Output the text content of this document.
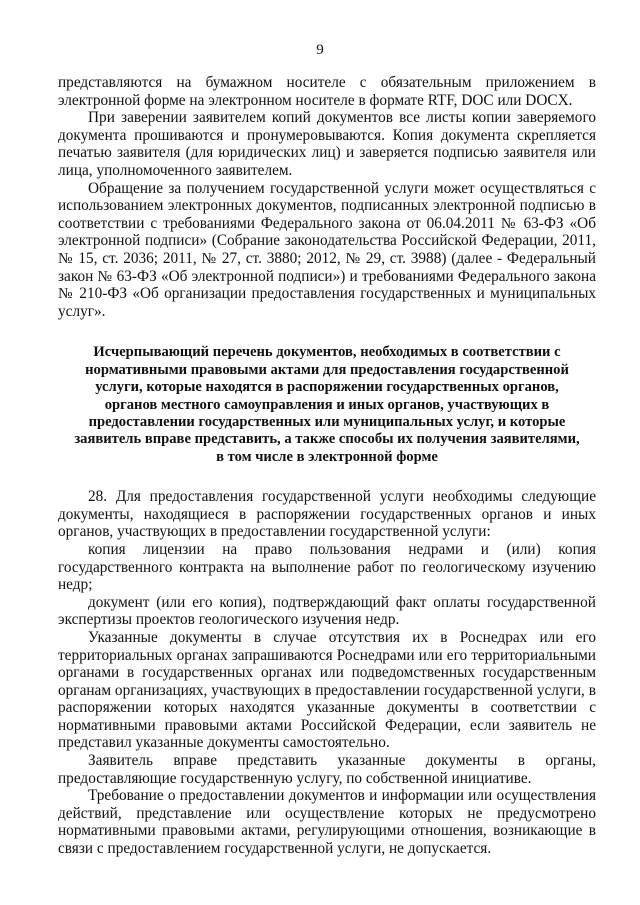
9

представляются на бумажном носителе с обязательным приложением в электронной форме на электронном носителе в формате RTF, DOC или DOCX.

При заверении заявителем копий документов все листы копии заверяемого документа прошиваются и пронумеровываются. Копия документа скрепляется печатью заявителя (для юридических лиц) и заверяется подписью заявителя или лица, уполномоченного заявителем.

Обращение за получением государственной услуги может осуществляться с использованием электронных документов, подписанных электронной подписью в соответствии с требованиями Федерального закона от 06.04.2011 № 63-ФЗ «Об электронной подписи» (Собрание законодательства Российской Федерации, 2011, № 15, ст. 2036; 2011, № 27, ст. 3880; 2012, № 29, ст. 3988) (далее - Федеральный закон № 63-ФЗ «Об электронной подписи») и требованиями Федерального закона № 210-ФЗ «Об организации предоставления государственных и муниципальных услуг».

Исчерпывающий перечень документов, необходимых в соответствии с
нормативными правовыми актами для предоставления государственной
услуги, которые находятся в распоряжении государственных органов,
органов местного самоуправления и иных органов, участвующих в
предоставлении государственных или муниципальных услуг, и которые
заявитель вправе представить, а также способы их получения заявителями,
в том числе в электронной форме

28. Для предоставления государственной услуги необходимы следующие документы, находящиеся в распоряжении государственных органов и иных органов, участвующих в предоставлении государственной услуги:

копия лицензии на право пользования недрами и (или) копия государственного контракта на выполнение работ по геологическому изучению недр;

документ (или его копия), подтверждающий факт оплаты государственной экспертизы проектов геологического изучения недр.

Указанные документы в случае отсутствия их в Роснедрах или его территориальных органах запрашиваются Роснедрами или его территориальными органами в государственных органах или подведомственных государственным органам организациях, участвующих в предоставлении государственной услуги, в распоряжении которых находятся указанные документы в соответствии с нормативными правовыми актами Российской Федерации, если заявитель не представил указанные документы самостоятельно.

Заявитель вправе представить указанные документы в органы, предоставляющие государственную услугу, по собственной инициативе.

Требование о предоставлении документов и информации или осуществления действий, представление или осуществление которых не предусмотрено нормативными правовыми актами, регулирующими отношения, возникающие в связи с предоставлением государственной услуги, не допускается.
